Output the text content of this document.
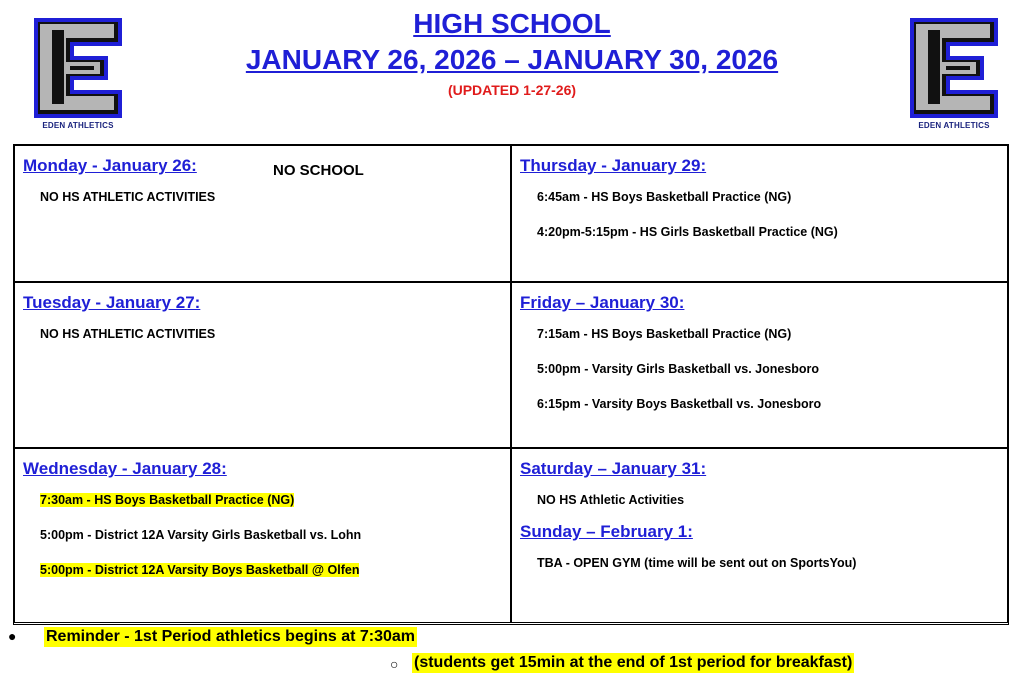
EDEN ATHLETICS	EDEN ATHLETICS

HIGH SCHOOL

JANUARY 26, 2026 – JANUARY 30, 2026

(UPDATED 1-27-26)
Monday - January 26:	NO SCHOOL

NO HS ATHLETIC ACTIVITIES

Thursday - January 29:

6:45am - HS Boys Basketball Practice (NG)

4:20pm-5:15pm - HS Girls Basketball Practice (NG)

Tuesday - January 27:

NO HS ATHLETIC ACTIVITIES

Friday – January 30:

7:15am - HS Boys Basketball Practice (NG)

5:00pm - Varsity Girls Basketball vs. Jonesboro

6:15pm - Varsity Boys Basketball vs. Jonesboro

Wednesday - January 28:

7:30am - HS Boys Basketball Practice (NG)

5:00pm - District 12A Varsity Girls Basketball vs. Lohn

5:00pm - District 12A Varsity Boys Basketball @ Olfen

Saturday – January 31:

NO HS Athletic Activities

Sunday – February 1:

TBA - OPEN GYM (time will be sent out on SportsYou)

● Reminder - 1st Period athletics begins at 7:30am
○ (students get 15min at the end of 1st period for breakfast)
